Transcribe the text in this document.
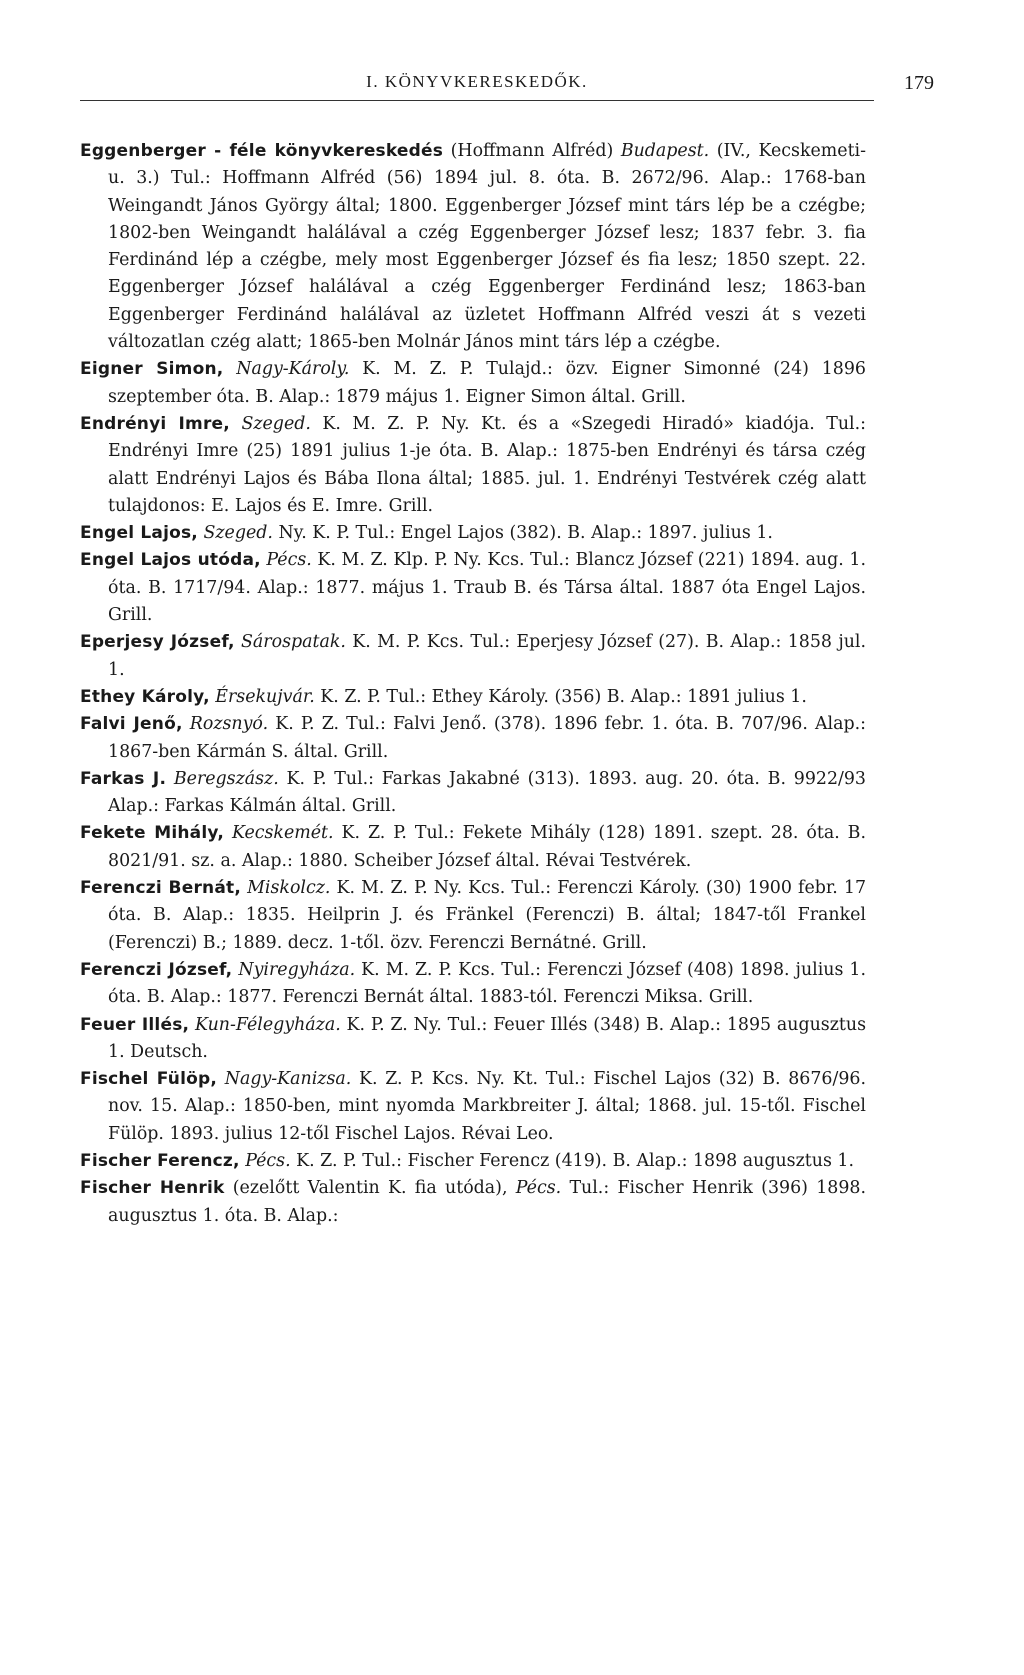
I. KÖNYVKERESKEDŐK.	179

Eggenberger - féle könyvkereskedés (Hoffmann Alfréd) Budapest. (IV., Kecskemeti-u. 3.) Tul.: Hoffmann Alfréd (56) 1894 jul. 8. óta. B. 2672/96. Alap.: 1768-ban Weingandt János György által; 1800. Eggenberger József mint társ lép be a czégbe; 1802-ben Weingandt halálával a czég Eggenberger József lesz; 1837 febr. 3. fia Ferdinánd lép a czégbe, mely most Eggenberger József és fia lesz; 1850 szept. 22. Eggenberger József halálával a czég Eggenberger Ferdinánd lesz; 1863-ban Eggenberger Ferdinánd halálával az üzletet Hoffmann Alfréd veszi át s vezeti változatlan czég alatt; 1865-ben Molnár János mint társ lép a czégbe.

Eigner Simon, Nagy-Károly. K. M. Z. P. Tulajd.: özv. Eigner Simonné (24) 1896 szeptember óta. B. Alap.: 1879 május 1. Eigner Simon által. Grill.

Endrényi Imre, Szeged. K. M. Z. P. Ny. Kt. és a «Szegedi Hiradó» kiadója. Tul.: Endrényi Imre (25) 1891 julius 1-je óta. B. Alap.: 1875-ben Endrényi és társa czég alatt Endrényi Lajos és Bába Ilona által; 1885. jul. 1. Endrényi Testvérek czég alatt tulajdonos: E. Lajos és E. Imre. Grill.

Engel Lajos, Szeged. Ny. K. P. Tul.: Engel Lajos (382). B. Alap.: 1897. julius 1.

Engel Lajos utóda, Pécs. K. M. Z. Klp. P. Ny. Kcs. Tul.: Blancz József (221) 1894. aug. 1. óta. B. 1717/94. Alap.: 1877. május 1. Traub B. és Társa által. 1887 óta Engel Lajos. Grill.

Eperjesy József, Sárospatak. K. M. P. Kcs. Tul.: Eperjesy József (27). B. Alap.: 1858 jul. 1.

Ethey Károly, Érsekujvár. K. Z. P. Tul.: Ethey Károly. (356) B. Alap.: 1891 julius 1.

Falvi Jenő, Rozsnyó. K. P. Z. Tul.: Falvi Jenő. (378). 1896 febr. 1. óta. B. 707/96. Alap.: 1867-ben Kármán S. által. Grill.

Farkas J. Beregszász. K. P. Tul.: Farkas Jakabné (313). 1893. aug. 20. óta. B. 9922/93 Alap.: Farkas Kálmán által. Grill.

Fekete Mihály, Kecskemét. K. Z. P. Tul.: Fekete Mihály (128) 1891. szept. 28. óta. B. 8021/91. sz. a. Alap.: 1880. Scheiber József által. Révai Testvérek.

Ferenczi Bernát, Miskolcz. K. M. Z. P. Ny. Kcs. Tul.: Ferenczi Károly. (30) 1900 febr. 17 óta. B. Alap.: 1835. Heilprin J. és Fränkel (Ferenczi) B. által; 1847-től Frankel (Ferenczi) B.; 1889. decz. 1-től. özv. Ferenczi Bernátné. Grill.

Ferenczi József, Nyiregyháza. K. M. Z. P. Kcs. Tul.: Ferenczi József (408) 1898. julius 1. óta. B. Alap.: 1877. Ferenczi Bernát által. 1883-tól. Ferenczi Miksa. Grill.

Feuer Illés, Kun-Félegyháza. K. P. Z. Ny. Tul.: Feuer Illés (348) B. Alap.: 1895 augusztus 1. Deutsch.

Fischel Fülöp, Nagy-Kanizsa. K. Z. P. Kcs. Ny. Kt. Tul.: Fischel Lajos (32) B. 8676/96. nov. 15. Alap.: 1850-ben, mint nyomda Markbreiter J. által; 1868. jul. 15-től. Fischel Fülöp. 1893. julius 12-től Fischel Lajos. Révai Leo.

Fischer Ferencz, Pécs. K. Z. P. Tul.: Fischer Ferencz (419). B. Alap.: 1898 augusztus 1.

Fischer Henrik (ezelőtt Valentin K. fia utóda), Pécs. Tul.: Fischer Henrik (396) 1898. augusztus 1. óta. B. Alap.:
